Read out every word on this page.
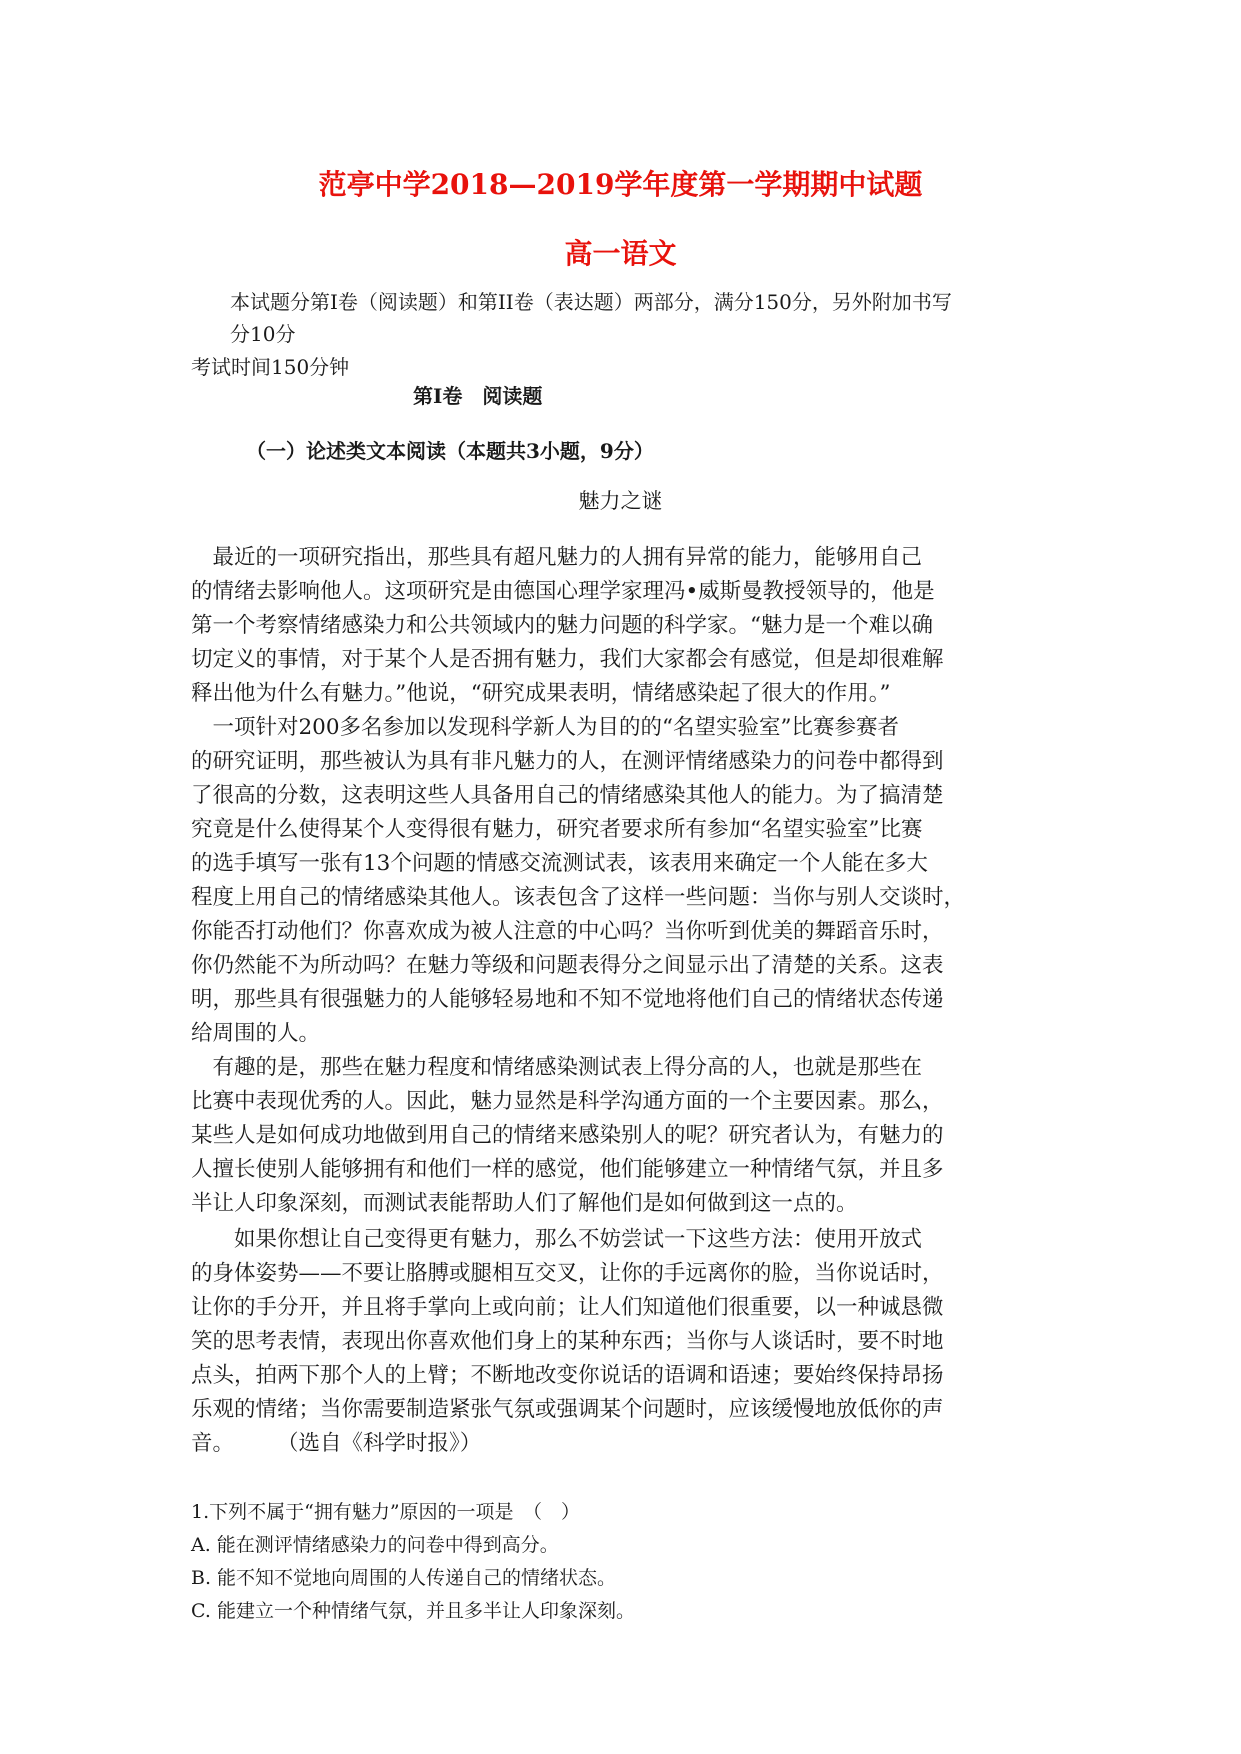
范亭中学2018—2019学年度第一学期期中试题
高一语文
本试题分第Ⅰ卷（阅读题）和第II卷（表达题）两部分，满分150分，另外附加书写
分10分
考试时间150分钟
第Ⅰ卷　阅读题
（一）论述类文本阅读（本题共3小题，9分）
魅力之谜
　最近的一项研究指出，那些具有超凡魅力的人拥有异常的能力，能够用自己
的情绪去影响他人。这项研究是由德国心理学家理冯•威斯曼教授领导的，他是
第一个考察情绪感染力和公共领域内的魅力问题的科学家。“魅力是一个难以确
切定义的事情，对于某个人是否拥有魅力，我们大家都会有感觉，但是却很难解
释出他为什么有魅力。”他说，“研究成果表明，情绪感染起了很大的作用。”
　一项针对200多名参加以发现科学新人为目的的“名望实验室”比赛参赛者
的研究证明，那些被认为具有非凡魅力的人，在测评情绪感染力的问卷中都得到
了很高的分数，这表明这些人具备用自己的情绪感染其他人的能力。为了搞清楚
究竟是什么使得某个人变得很有魅力，研究者要求所有参加“名望实验室”比赛
的选手填写一张有13个问题的情感交流测试表，该表用来确定一个人能在多大
程度上用自己的情绪感染其他人。该表包含了这样一些问题：当你与别人交谈时，
你能否打动他们？你喜欢成为被人注意的中心吗？当你听到优美的舞蹈音乐时，
你仍然能不为所动吗？在魅力等级和问题表得分之间显示出了清楚的关系。这表
明，那些具有很强魅力的人能够轻易地和不知不觉地将他们自己的情绪状态传递
给周围的人。
　有趣的是，那些在魅力程度和情绪感染测试表上得分高的人，也就是那些在
比赛中表现优秀的人。因此，魅力显然是科学沟通方面的一个主要因素。那么，
某些人是如何成功地做到用自己的情绪来感染别人的呢？研究者认为，有魅力的
人擅长使别人能够拥有和他们一样的感觉，他们能够建立一种情绪气氛，并且多
半让人印象深刻，而测试表能帮助人们了解他们是如何做到这一点的。
　　如果你想让自己变得更有魅力，那么不妨尝试一下这些方法：使用开放式
的身体姿势——不要让胳膊或腿相互交叉，让你的手远离你的脸，当你说话时，
让你的手分开，并且将手掌向上或向前；让人们知道他们很重要，以一种诚恳微
笑的思考表情，表现出你喜欢他们身上的某种东西；当你与人谈话时，要不时地
点头，拍两下那个人的上臂；不断地改变你说话的语调和语速；要始终保持昂扬
乐观的情绪；当你需要制造紧张气氛或强调某个问题时，应该缓慢地放低你的声
音。　　　（选自《科学时报》）
1.下列不属于“拥有魅力”原因的一项是　（　）
A. 能在测评情绪感染力的问卷中得到高分。
B. 能不知不觉地向周围的人传递自己的情绪状态。
C. 能建立一个种情绪气氛，并且多半让人印象深刻。
